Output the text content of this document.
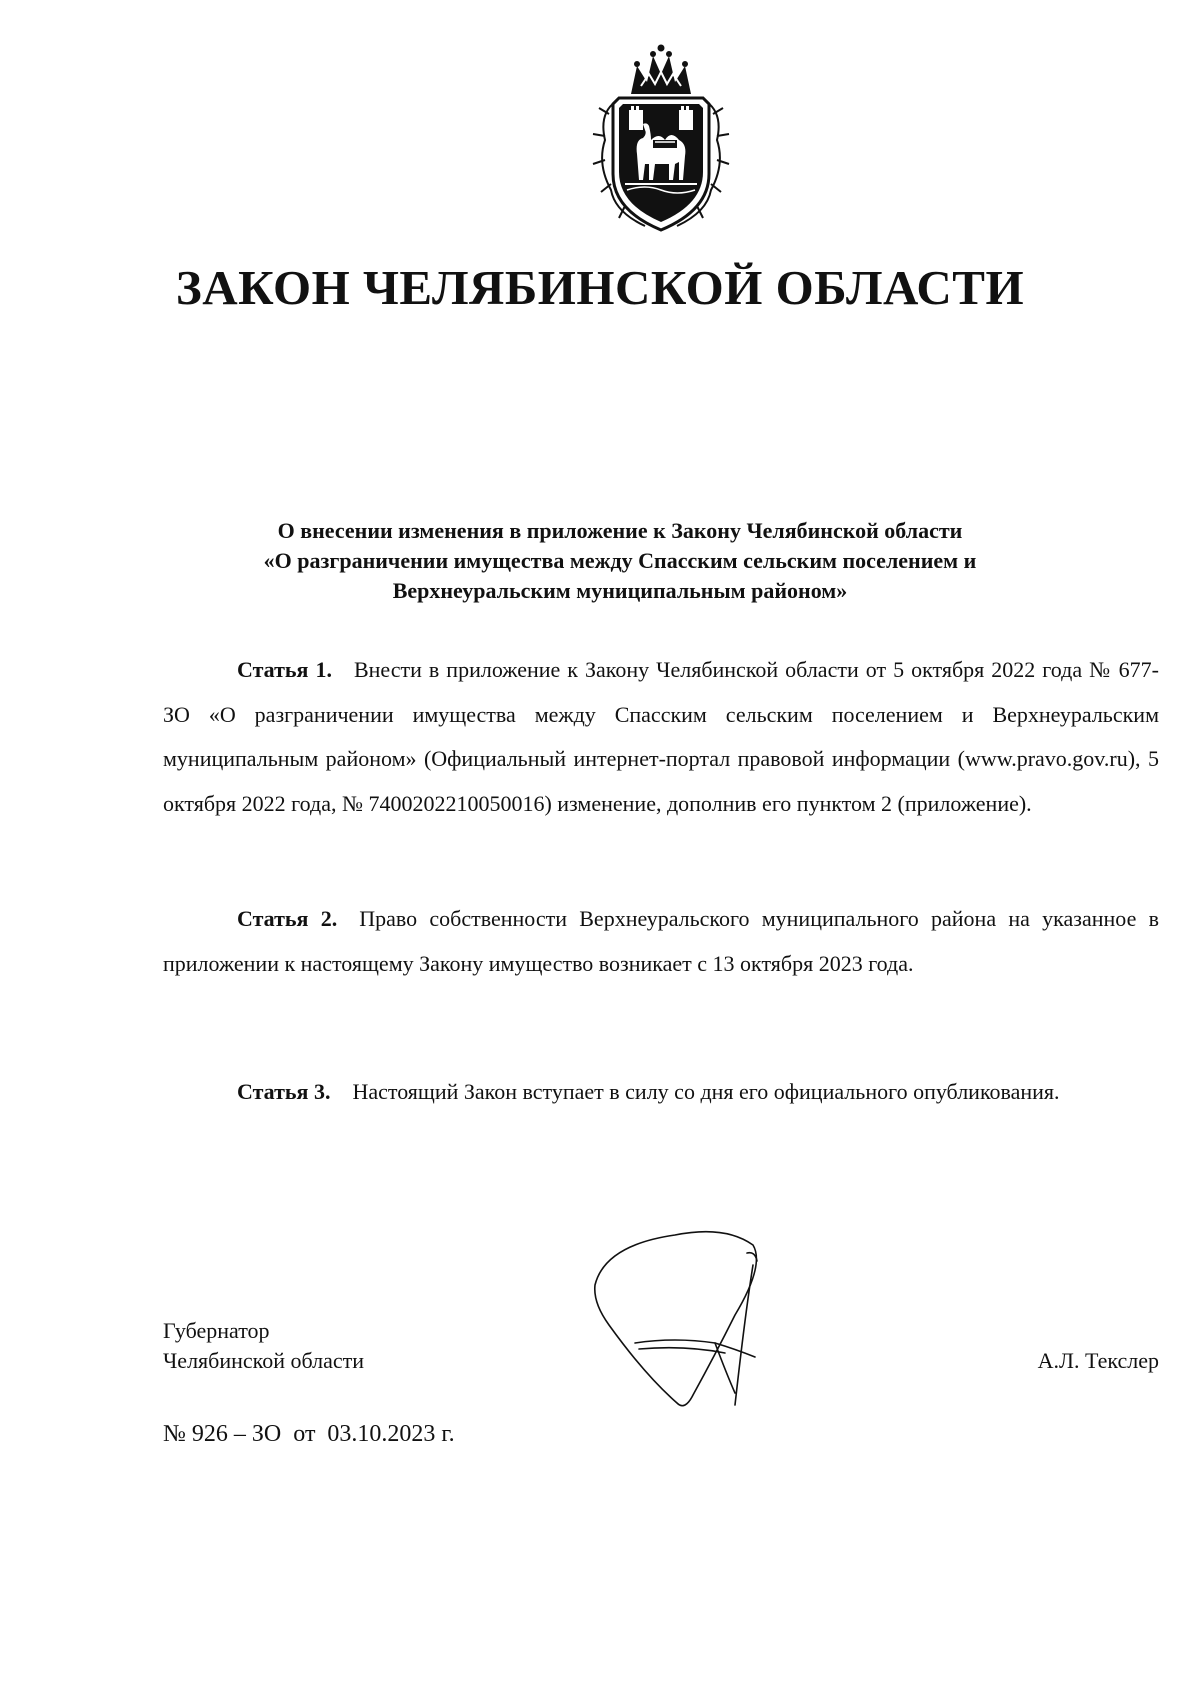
ЗАКОН ЧЕЛЯБИНСКОЙ ОБЛАСТИ
О внесении изменения в приложение к Закону Челябинской области
«О разграничении имущества между Спасским сельским поселением и
Верхнеуральским муниципальным районом»
Статья 1. Внести в приложение к Закону Челябинской области от 5 октября 2022 года № 677-ЗО «О разграничении имущества между Спасским сельским поселением и Верхнеуральским муниципальным районом» (Официальный интернет-портал правовой информации (www.pravo.gov.ru), 5 октября 2022 года, № 7400202210050016) изменение, дополнив его пунктом 2 (приложение).
Статья 2. Право собственности Верхнеуральского муниципального района на указанное в приложении к настоящему Закону имущество возникает с 13 октября 2023 года.
Статья 3. Настоящий Закон вступает в силу со дня его официального опубликования.
Губернатор
Челябинской области	А.Л. Текслер
№ 926 – ЗО  от  03.10.2023 г.
